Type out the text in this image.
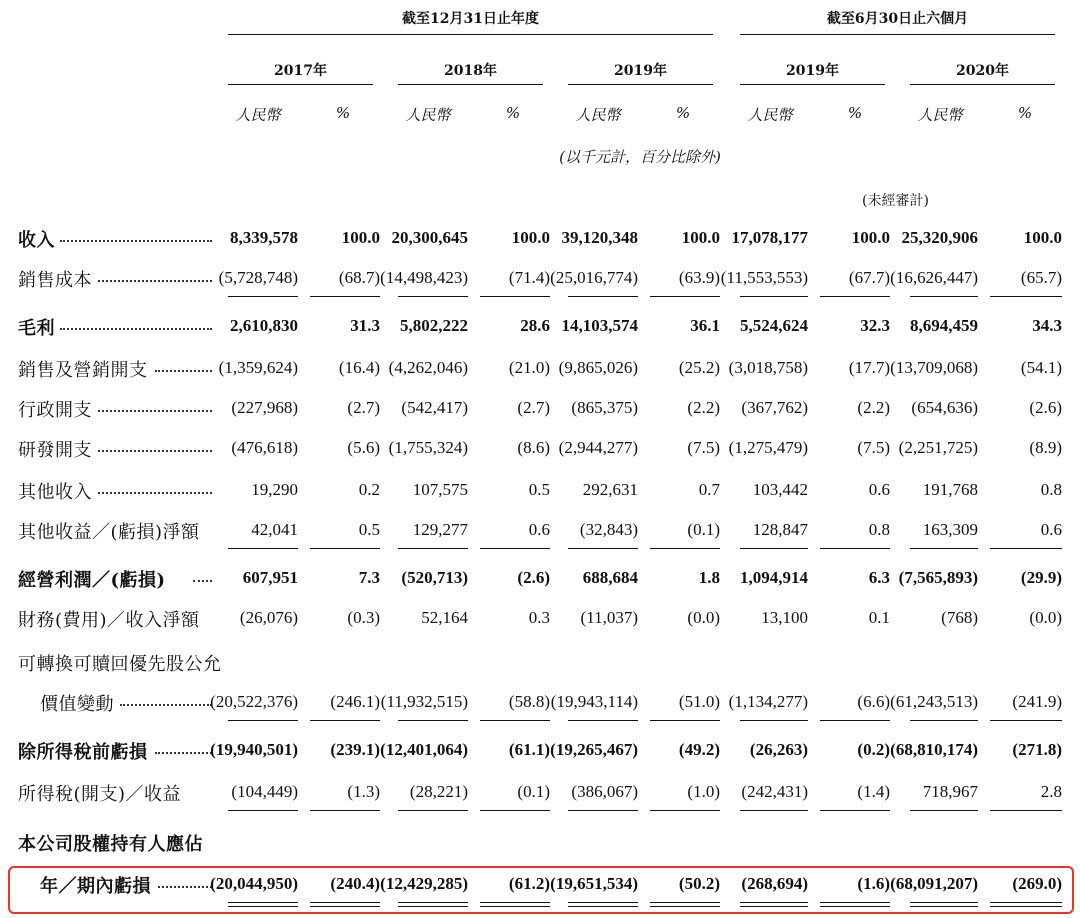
截至12月31日止年度	截至6月30日止六個月
2017年	2018年	2019年	2019年	2020年
人民幣	%	人民幣	%	人民幣	%	人民幣	%	人民幣	%
(以千元計，百分比除外)
(未經審計)
收入	8,339,578	100.0 20,300,645	100.0 39,120,348	100.0 17,078,177	100.0 25,320,906	100.0
銷售成本	(5,728,748)	(68.7) (14,498,423)	(71.4) (25,016,774)	(63.9) (11,553,553)	(67.7) (16,626,447)	(65.7)
毛利	2,610,830	31.3	5,802,222	28.6 14,103,574	36.1	5,524,624	32.3	8,694,459	34.3
銷售及營銷開支	(1,359,624)	(16.4) (4,262,046)	(21.0) (9,865,026)	(25.2) (3,018,758)	(17.7) (13,709,068)	(54.1)
行政開支	(227,968)	(2.7)	(542,417)	(2.7)	(865,375)	(2.2)	(367,762)	(2.2)	(654,636)	(2.6)
研發開支	(476,618)	(5.6) (1,755,324)	(8.6) (2,944,277)	(7.5) (1,275,479)	(7.5) (2,251,725)	(8.9)
其他收入	19,290	0.2	107,575	0.5	292,631	0.7	103,442	0.6	191,768	0.8
其他收益／(虧損)淨額	42,041	0.5	129,277	0.6	(32,843)	(0.1)	128,847	0.8	163,309	0.6
經營利潤／(虧損)	607,951	7.3	(520,713)	(2.6)	688,684	1.8	1,094,914	6.3 (7,565,893)	(29.9)
財務(費用)／收入淨額	(26,076)	(0.3)	52,164	0.3	(11,037)	(0.0)	13,100	0.1	(768)	(0.0)
可轉換可贖回優先股公允
價值變動	(20,522,376)	(246.1) (11,932,515)	(58.8) (19,943,114)	(51.0) (1,134,277)	(6.6) (61,243,513)	(241.9)
除所得稅前虧損	(19,940,501)	(239.1) (12,401,064)	(61.1) (19,265,467)	(49.2)	(26,263)	(0.2) (68,810,174)	(271.8)
所得稅(開支)／收益	(104,449)	(1.3)	(28,221)	(0.1)	(386,067)	(1.0)	(242,431)	(1.4)	718,967	2.8
本公司股權持有人應佔
年／期內虧損	(20,044,950)	(240.4) (12,429,285)	(61.2) (19,651,534)	(50.2)	(268,694)	(1.6) (68,091,207)	(269.0)
